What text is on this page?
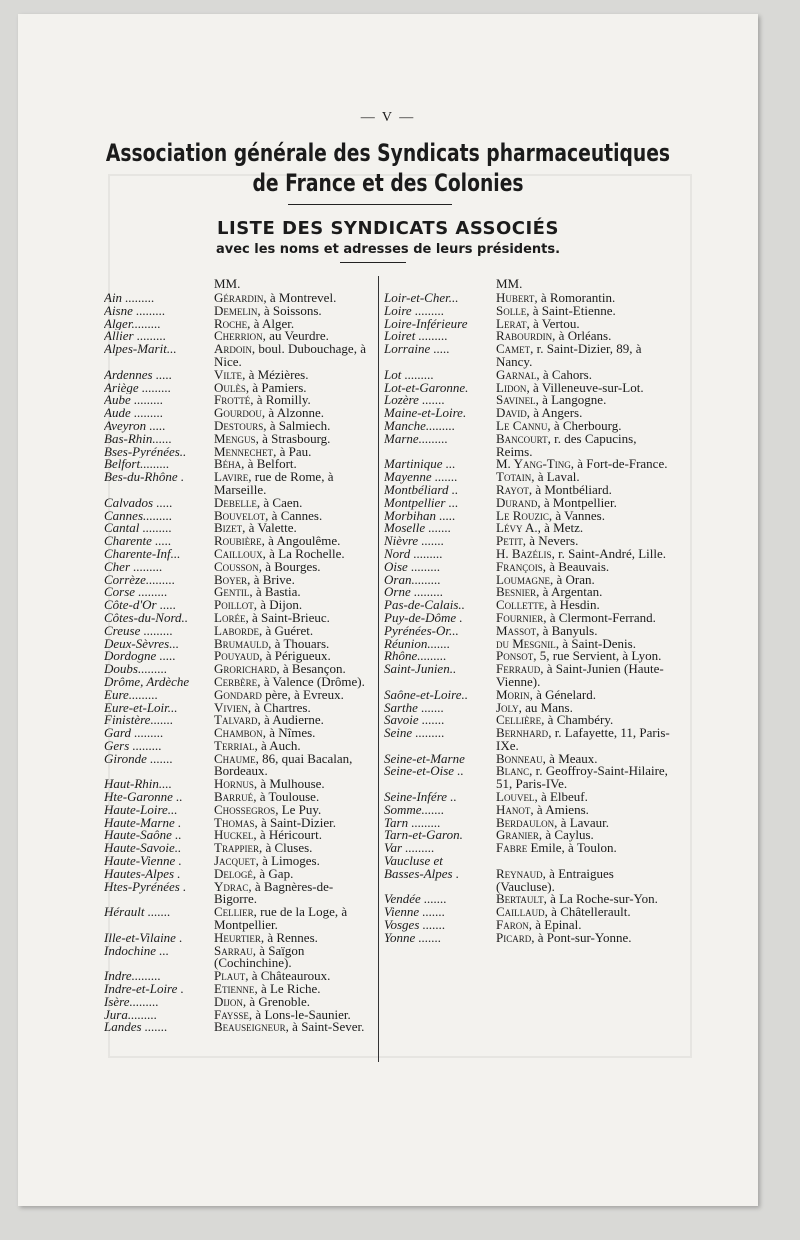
— V —
Association générale des Syndicats pharmaceutiques
de France et des Colonies
LISTE DES SYNDICATS ASSOCIÉS
avec les noms et adresses de leurs présidents.
MM.
Ain .........	Gérardin, à Montrevel.
Aisne .........	Demelin, à Soissons.
Alger.........	Roche, à Alger.
Allier .........	Cherrion, au Veurdre.
Alpes-Marit...	Ardoin, boul. Dubouchage, à Nice.
Ardennes .....	Vilte, à Mézières.
Ariège .........	Oulès, à Pamiers.
Aube .........	Frotté, à Romilly.
Aude .........	Gourdou, à Alzonne.
Aveyron .....	Destours, à Salmiech.
Bas-Rhin......	Mengus, à Strasbourg.
Bses-Pyrénées..	Mennechet, à Pau.
Belfort.........	Béha, à Belfort.
Bes-du-Rhône .	Lavire, rue de Rome, à Marseille.
Calvados .....	Debelle, à Caen.
Cannes.........	Bouvelot, à Cannes.
Cantal .........	Bizet, à Valette.
Charente .....	Roubière, à Angoulême.
Charente-Inf...	Cailloux, à La Rochelle.
Cher .........	Cousson, à Bourges.
Corrèze.........	Boyer, à Brive.
Corse .........	Gentil, à Bastia.
Côte-d'Or .....	Poillot, à Dijon.
Côtes-du-Nord..	Lorée, à Saint-Brieuc.
Creuse .........	Laborde, à Guéret.
Deux-Sèvres...	Brumauld, à Thouars.
Dordogne .....	Pouyaud, à Périgueux.
Doubs.........	Grorichard, à Besançon.
Drôme, Ardèche	Cerbère, à Valence (Drôme).
Eure.........	Gondard père, à Evreux.
Eure-et-Loir...	Vivien, à Chartres.
Finistère.......	Talvard, à Audierne.
Gard .........	Chambon, à Nîmes.
Gers .........	Terrial, à Auch.
Gironde .......	Chaume, 86, quai Bacalan, Bordeaux.
Haut-Rhin....	Hornus, à Mulhouse.
Hte-Garonne ..	Barrué, à Toulouse.
Haute-Loire...	Chossegros, Le Puy.
Haute-Marne .	Thomas, à Saint-Dizier.
Haute-Saône ..	Huckel, à Héricourt.
Haute-Savoie..	Trappier, à Cluses.
Haute-Vienne .	Jacquet, à Limoges.
Hautes-Alpes .	Delogé, à Gap.
Htes-Pyrénées .	Ydrac, à Bagnères-de-Bigorre.
Hérault .......	Cellier, rue de la Loge, à Montpellier.
Ille-et-Vilaine .	Heurtier, à Rennes.
Indochine ...	Sarrau, à Saïgon (Cochinchine).
Indre.........	Plaut, à Châteauroux.
Indre-et-Loire .	Etienne, à Le Riche.
Isère.........	Dijon, à Grenoble.
Jura.........	Faysse, à Lons-le-Saunier.
Landes .......	Beauseigneur, à Saint-Sever.
MM.
Loir-et-Cher...	Hubert, à Romorantin.
Loire .........	Solle, à Saint-Etienne.
Loire-Inférieure	Lerat, à Vertou.
Loiret .........	Rabourdin, à Orléans.
Lorraine .....	Camet, r. Saint-Dizier, 89, à Nancy.
Lot .........	Garnal, à Cahors.
Lot-et-Garonne.	Lidon, à Villeneuve-sur-Lot.
Lozère .......	Savinel, à Langogne.
Maine-et-Loire.	David, à Angers.
Manche.........	Le Cannu, à Cherbourg.
Marne.........	Bancourt, r. des Capucins, Reims.
Martinique ...	M. Yang-Ting, à Fort-de-France.
Mayenne .......	Totain, à Laval.
Montbéliard ..	Rayot, à Montbéliard.
Montpellier ...	Durand, à Montpellier.
Morbihan .....	Le Rouzic, à Vannes.
Moselle .......	Lévy A., à Metz.
Nièvre .......	Petit, à Nevers.
Nord .........	H. Bazélis, r. Saint-André, Lille.
Oise .........	François, à Beauvais.
Oran.........	Loumagne, à Oran.
Orne .........	Besnier, à Argentan.
Pas-de-Calais..	Collette, à Hesdin.
Puy-de-Dôme .	Fournier, à Clermont-Ferrand.
Pyrénées-Or...	Massot, à Banyuls.
Réunion.......	du Mesgnil, à Saint-Denis.
Rhône.........	Ponsot, 5, rue Servient, à Lyon.
Saint-Junien..	Ferraud, à Saint-Junien (Haute-Vienne).
Saône-et-Loire..	Morin, à Génelard.
Sarthe .......	Joly, au Mans.
Savoie .......	Cellière, à Chambéry.
Seine .........	Bernhard, r. Lafayette, 11, Paris-IXe.
Seine-et-Marne	Bonneau, à Meaux.
Seine-et-Oise ..	Blanc, r. Geoffroy-Saint-Hilaire, 51, Paris-IVe.
Seine-Infére ..	Louvel, à Elbeuf.
Somme.......	Hanot, à Amiens.
Tarn .........	Berdaulon, à Lavaur.
Tarn-et-Garon.	Granier, à Caylus.
Var .........	Fabre Emile, à Toulon.
Vaucluse et
Basses-Alpes .	Reynaud, à Entraigues (Vaucluse).
Vendée .......	Bertault, à La Roche-sur-Yon.
Vienne .......	Caillaud, à Châtellerault.
Vosges .......	Faron, à Epinal.
Yonne .......	Picard, à Pont-sur-Yonne.
